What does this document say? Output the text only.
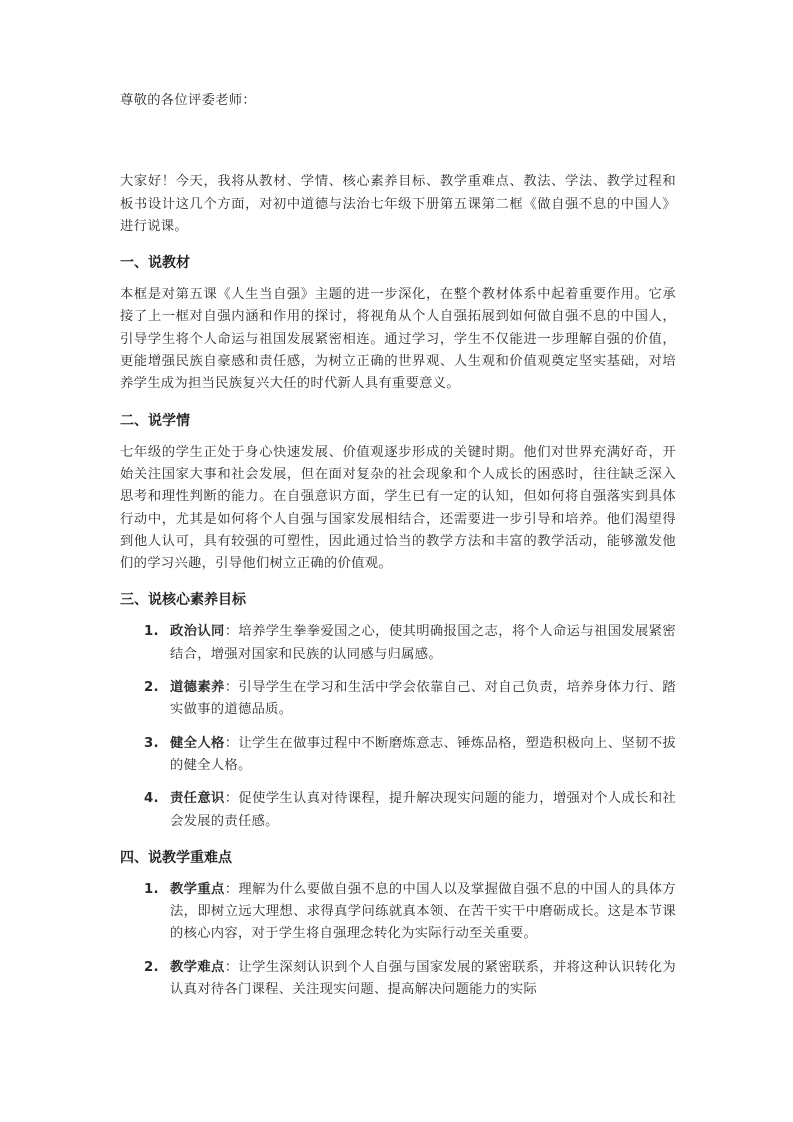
尊敬的各位评委老师：

大家好！今天，我将从教材、学情、核心素养目标、教学重难点、教法、学法、教学过程和板书设计这几个方面，对初中道德与法治七年级下册第五课第二框《做自强不息的中国人》进行说课。

一、说教材

本框是对第五课《人生当自强》主题的进一步深化，在整个教材体系中起着重要作用。它承接了上一框对自强内涵和作用的探讨，将视角从个人自强拓展到如何做自强不息的中国人，引导学生将个人命运与祖国发展紧密相连。通过学习，学生不仅能进一步理解自强的价值，更能增强民族自豪感和责任感，为树立正确的世界观、人生观和价值观奠定坚实基础，对培养学生成为担当民族复兴大任的时代新人具有重要意义。

二、说学情

七年级的学生正处于身心快速发展、价值观逐步形成的关键时期。他们对世界充满好奇，开始关注国家大事和社会发展，但在面对复杂的社会现象和个人成长的困惑时，往往缺乏深入思考和理性判断的能力。在自强意识方面，学生已有一定的认知，但如何将自强落实到具体行动中，尤其是如何将个人自强与国家发展相结合，还需要进一步引导和培养。他们渴望得到他人认可，具有较强的可塑性，因此通过恰当的教学方法和丰富的教学活动，能够激发他们的学习兴趣，引导他们树立正确的价值观。

三、说核心素养目标
1. 政治认同：培养学生拳拳爱国之心，使其明确报国之志，将个人命运与祖国发展紧密结合，增强对国家和民族的认同感与归属感。
2. 道德素养：引导学生在学习和生活中学会依靠自己、对自己负责，培养身体力行、踏实做事的道德品质。
3. 健全人格：让学生在做事过程中不断磨炼意志、锤炼品格，塑造积极向上、坚韧不拔的健全人格。
4. 责任意识：促使学生认真对待课程，提升解决现实问题的能力，增强对个人成长和社会发展的责任感。
四、说教学重难点
1. 教学重点：理解为什么要做自强不息的中国人以及掌握做自强不息的中国人的具体方法，即树立远大理想、求得真学问练就真本领、在苦干实干中磨砺成长。这是本节课的核心内容，对于学生将自强理念转化为实际行动至关重要。
2. 教学难点：让学生深刻认识到个人自强与国家发展的紧密联系，并将这种认识转化为认真对待各门课程、关注现实问题、提高解决问题能力的实际
